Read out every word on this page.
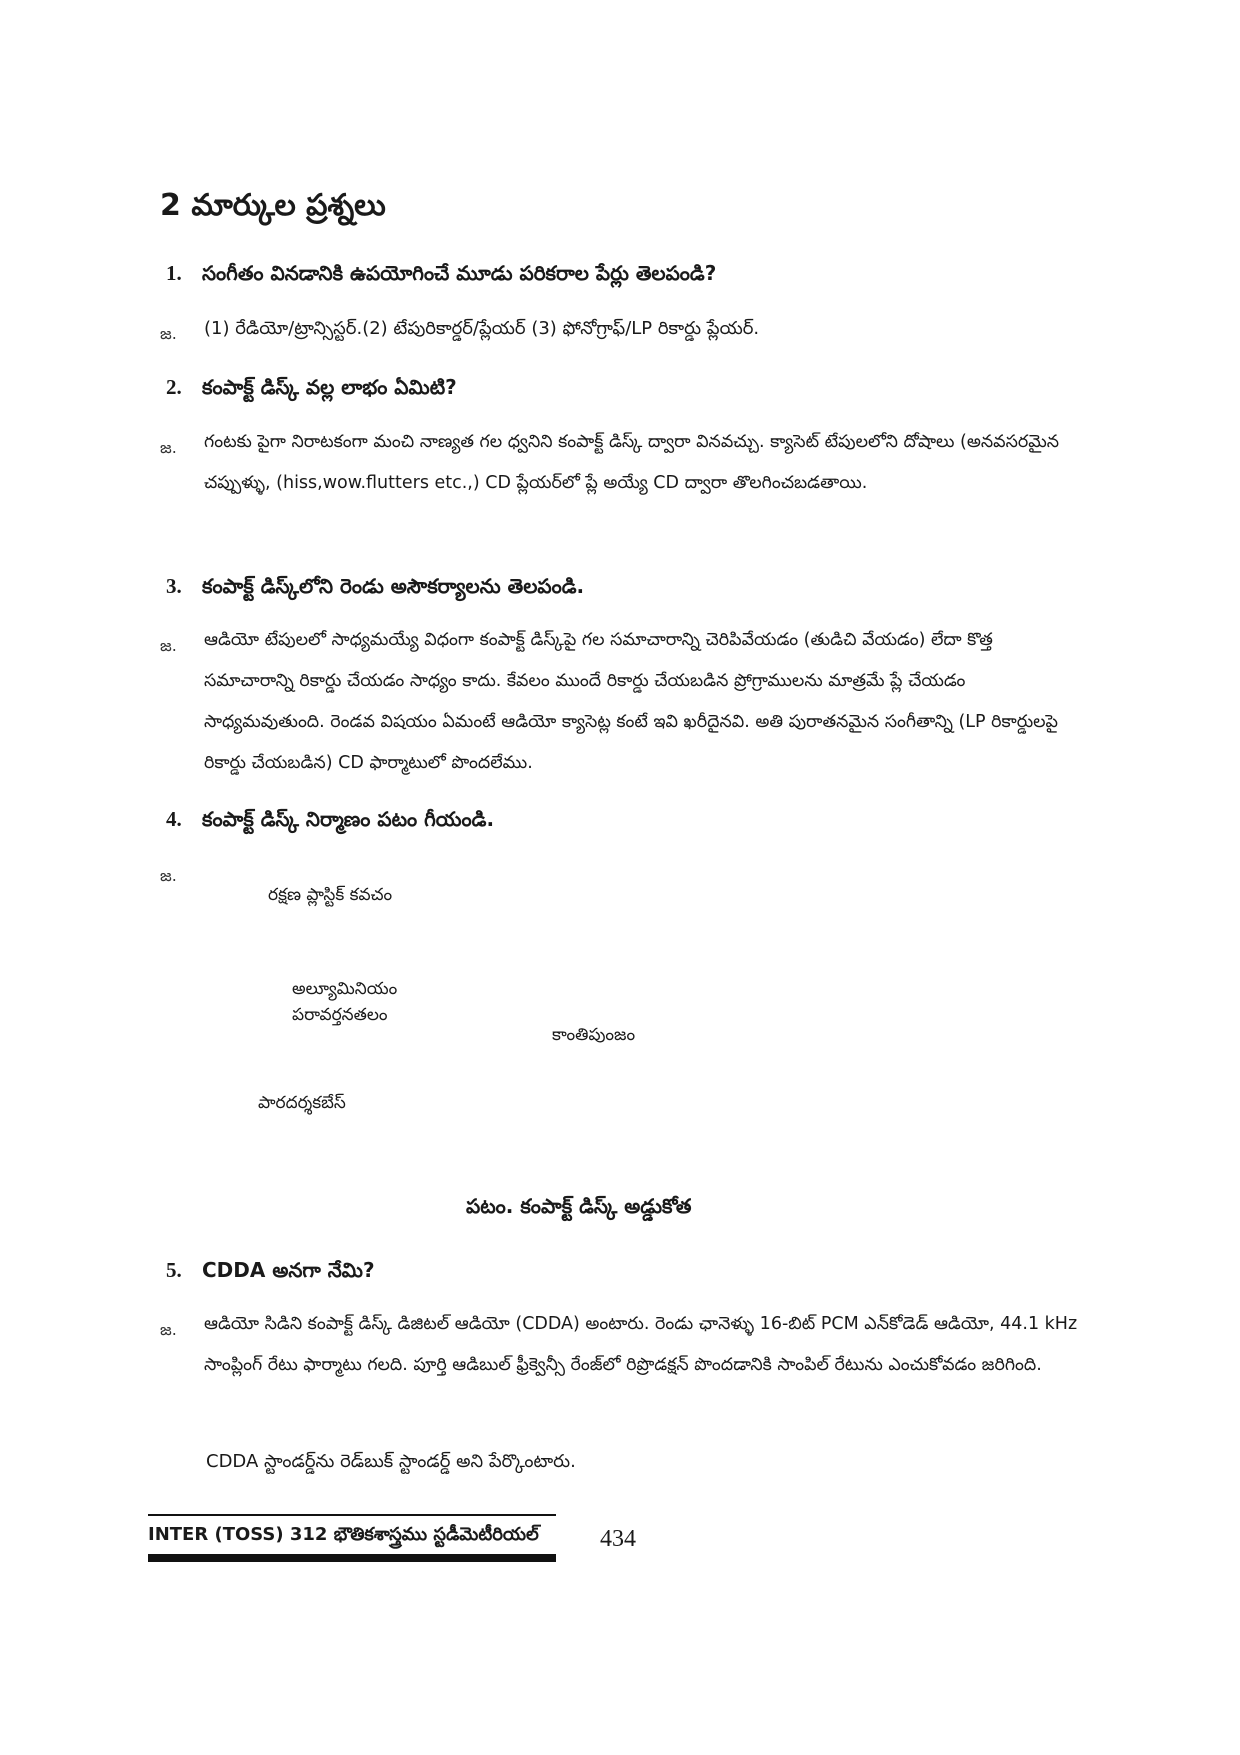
2 మార్కుల ప్రశ్నలు
1. సంగీతం వినడానికి ఉపయోగించే మూడు పరికరాల పేర్లు తెలపండి?
జ. (1) రేడియో/ట్రాన్సిస్టర్.(2) టేపురికార్డర్/ప్లేయర్ (3) ఫోనోగ్రాఫ్/LP రికార్డు ప్లేయర్.
2. కంపాక్ట్ డిస్క్ వల్ల లాభం ఏమిటి?
జ. గంటకు పైగా నిరాటకంగా మంచి నాణ్యత గల ధ్వనిని కంపాక్ట్ డిస్క్ ద్వారా వినవచ్చు. క్యాసెట్ టేపులలోని దోషాలు (అనవసరమైన చప్పుళ్ళు, (hiss,wow.flutters etc.,) CD ప్లేయర్‌లో ప్లే అయ్యే CD ద్వారా తొలగించబడతాయి.
3. కంపాక్ట్ డిస్క్‌లోని రెండు అసౌకర్యాలను తెలపండి.
జ. ఆడియో టేపులలో సాధ్యమయ్యే విధంగా కంపాక్ట్ డిస్క్‌పై గల సమాచారాన్ని చెరిపివేయడం (తుడిచి వేయడం) లేదా కొత్త సమాచారాన్ని రికార్డు చేయడం సాధ్యం కాదు. కేవలం ముందే రికార్డు చేయబడిన ప్రోగ్రాములను మాత్రమే ప్లే చేయడం సాధ్యమవుతుంది. రెండవ విషయం ఏమంటే ఆడియో క్యాసెట్ల కంటే ఇవి ఖరీదైనవి. అతి పురాతనమైన సంగీతాన్ని (LP రికార్డులపై రికార్డు చేయబడిన) CD ఫార్మాటులో పొందలేము.
4. కంపాక్ట్ డిస్క్ నిర్మాణం పటం గీయండి.
జ.
రక్షణ ప్లాస్టిక్ కవచం
అల్యూమినియం
పరావర్తనతలం
కాంతిపుంజం
పారదర్శకబేస్
పటం. కంపాక్ట్ డిస్క్ అడ్డుకోత
5. CDDA అనగా నేమి?
జ. ఆడియో సిడిని కంపాక్ట్ డిస్క్ డిజిటల్ ఆడియో (CDDA) అంటారు. రెండు ఛానెళ్ళు 16-బిట్ PCM ఎన్‌కోడెడ్ ఆడియో, 44.1 kHz సాంప్లింగ్ రేటు ఫార్మాటు గలది. పూర్తి ఆడిబుల్ ఫ్రీక్వెన్సీ రేంజ్‌లో రిప్రొడక్షన్ పొందడానికి సాంపిల్ రేటును ఎంచుకోవడం జరిగింది.
CDDA స్టాండర్డ్‌ను రెడ్‌బుక్ స్టాండర్డ్ అని పేర్కొంటారు.
INTER (TOSS) 312 భౌతికశాస్త్రము స్టడీమెటీరియల్	434
